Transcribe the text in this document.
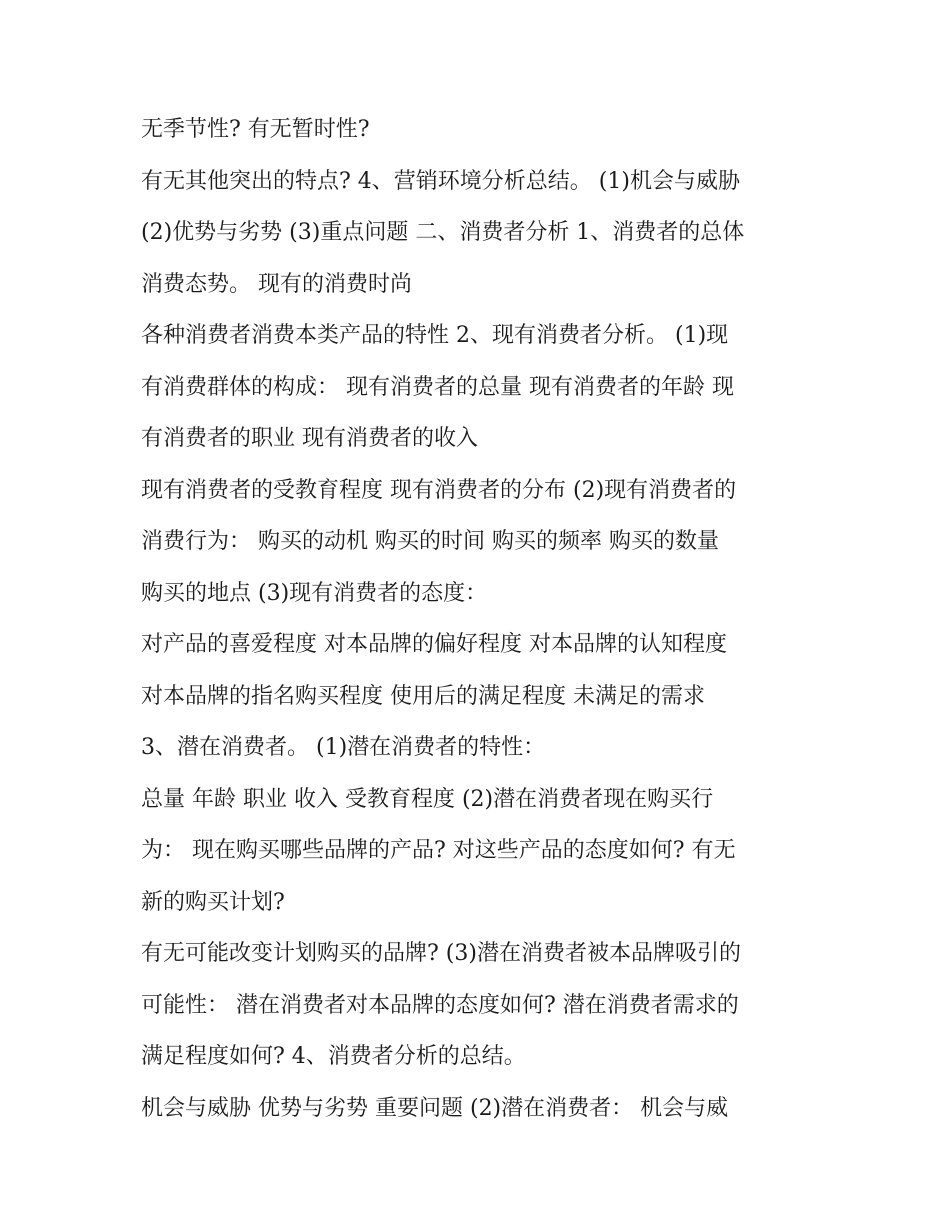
无季节性? 有无暂时性?
有无其他突出的特点? 4、营销环境分析总结。 (1)机会与威胁
(2)优势与劣势 (3)重点问题 二、消费者分析 1、消费者的总体
消费态势。 现有的消费时尚
各种消费者消费本类产品的特性 2、现有消费者分析。 (1)现
有消费群体的构成： 现有消费者的总量 现有消费者的年龄 现
有消费者的职业 现有消费者的收入
现有消费者的受教育程度 现有消费者的分布 (2)现有消费者的
消费行为： 购买的动机 购买的时间 购买的频率 购买的数量
购买的地点 (3)现有消费者的态度：
对产品的喜爱程度 对本品牌的偏好程度 对本品牌的认知程度
对本品牌的指名购买程度 使用后的满足程度 未满足的需求
3、潜在消费者。 (1)潜在消费者的特性：
总量 年龄 职业 收入 受教育程度 (2)潜在消费者现在购买行
为： 现在购买哪些品牌的产品? 对这些产品的态度如何? 有无
新的购买计划?
有无可能改变计划购买的品牌? (3)潜在消费者被本品牌吸引的
可能性： 潜在消费者对本品牌的态度如何? 潜在消费者需求的
满足程度如何? 4、消费者分析的总结。
机会与威胁 优势与劣势 重要问题 (2)潜在消费者： 机会与威
